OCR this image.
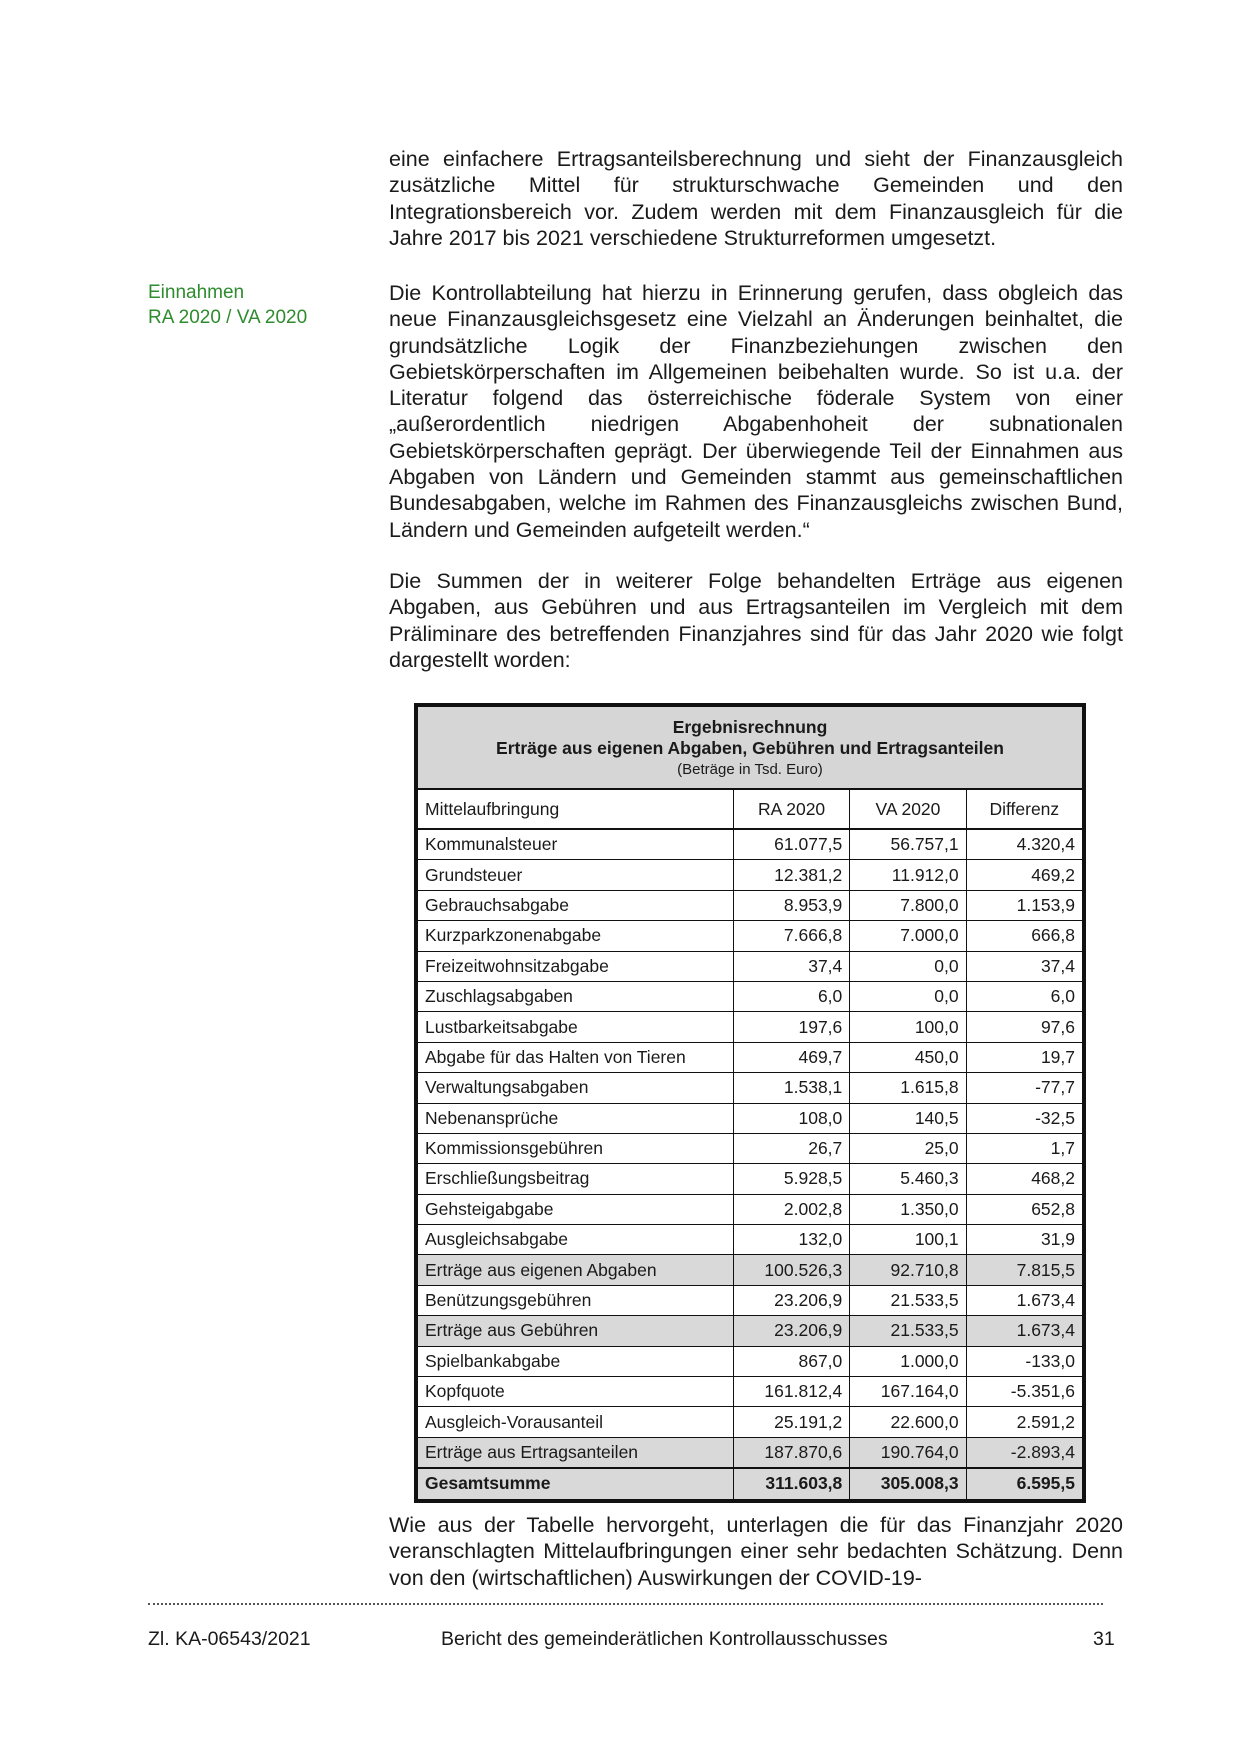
eine einfachere Ertragsanteilsberechnung und sieht der Finanzausgleich zusätzliche Mittel für strukturschwache Gemeinden und den Integrationsbereich vor. Zudem werden mit dem Finanzausgleich für die Jahre 2017 bis 2021 verschiedene Strukturreformen umgesetzt.

Einnahmen
RA 2020 / VA 2020

Die Kontrollabteilung hat hierzu in Erinnerung gerufen, dass obgleich das neue Finanzausgleichsgesetz eine Vielzahl an Änderungen beinhaltet, die grundsätzliche Logik der Finanzbeziehungen zwischen den Gebietskörperschaften im Allgemeinen beibehalten wurde. So ist u.a. der Literatur folgend das österreichische föderale System von einer „außerordentlich niedrigen Abgabenhoheit der subnationalen Gebietskörperschaften geprägt. Der überwiegende Teil der Einnahmen aus Abgaben von Ländern und Gemeinden stammt aus gemeinschaftlichen Bundesabgaben, welche im Rahmen des Finanzausgleichs zwischen Bund, Ländern und Gemeinden aufgeteilt werden.“

Die Summen der in weiterer Folge behandelten Erträge aus eigenen Abgaben, aus Gebühren und aus Ertragsanteilen im Vergleich mit dem Präliminare des betreffenden Finanzjahres sind für das Jahr 2020 wie folgt dargestellt worden:

Ergebnisrechnung
Erträge aus eigenen Abgaben, Gebühren und Ertragsanteilen
(Beträge in Tsd. Euro)			

Mittelaufbringung	RA 2020	VA 2020	Differenz
Kommunalsteuer	61.077,5	56.757,1	4.320,4
Grundsteuer	12.381,2	11.912,0	469,2
Gebrauchsabgabe	8.953,9	7.800,0	1.153,9
Kurzparkzonenabgabe	7.666,8	7.000,0	666,8
Freizeitwohnsitzabgabe	37,4	0,0	37,4
Zuschlagsabgaben	6,0	0,0	6,0
Lustbarkeitsabgabe	197,6	100,0	97,6
Abgabe für das Halten von Tieren	469,7	450,0	19,7
Verwaltungsabgaben	1.538,1	1.615,8	-77,7
Nebenansprüche	108,0	140,5	-32,5
Kommissionsgebühren	26,7	25,0	1,7
Erschließungsbeitrag	5.928,5	5.460,3	468,2
Gehsteigabgabe	2.002,8	1.350,0	652,8
Ausgleichsabgabe	132,0	100,1	31,9
Erträge aus eigenen Abgaben	100.526,3	92.710,8	7.815,5
Benützungsgebühren	23.206,9	21.533,5	1.673,4
Erträge aus Gebühren	23.206,9	21.533,5	1.673,4
Spielbankabgabe	867,0	1.000,0	-133,0
Kopfquote	161.812,4	167.164,0	-5.351,6
Ausgleich-Vorausanteil	25.191,2	22.600,0	2.591,2
Erträge aus Ertragsanteilen	187.870,6	190.764,0	-2.893,4
Gesamtsumme	311.603,8	305.008,3	6.595,5

Wie aus der Tabelle hervorgeht, unterlagen die für das Finanzjahr 2020 veranschlagten Mittelaufbringungen einer sehr bedachten Schätzung. Denn von den (wirtschaftlichen) Auswirkungen der COVID-19-

Zl. KA-06543/2021	Bericht des gemeinderätlichen Kontrollausschusses	31
